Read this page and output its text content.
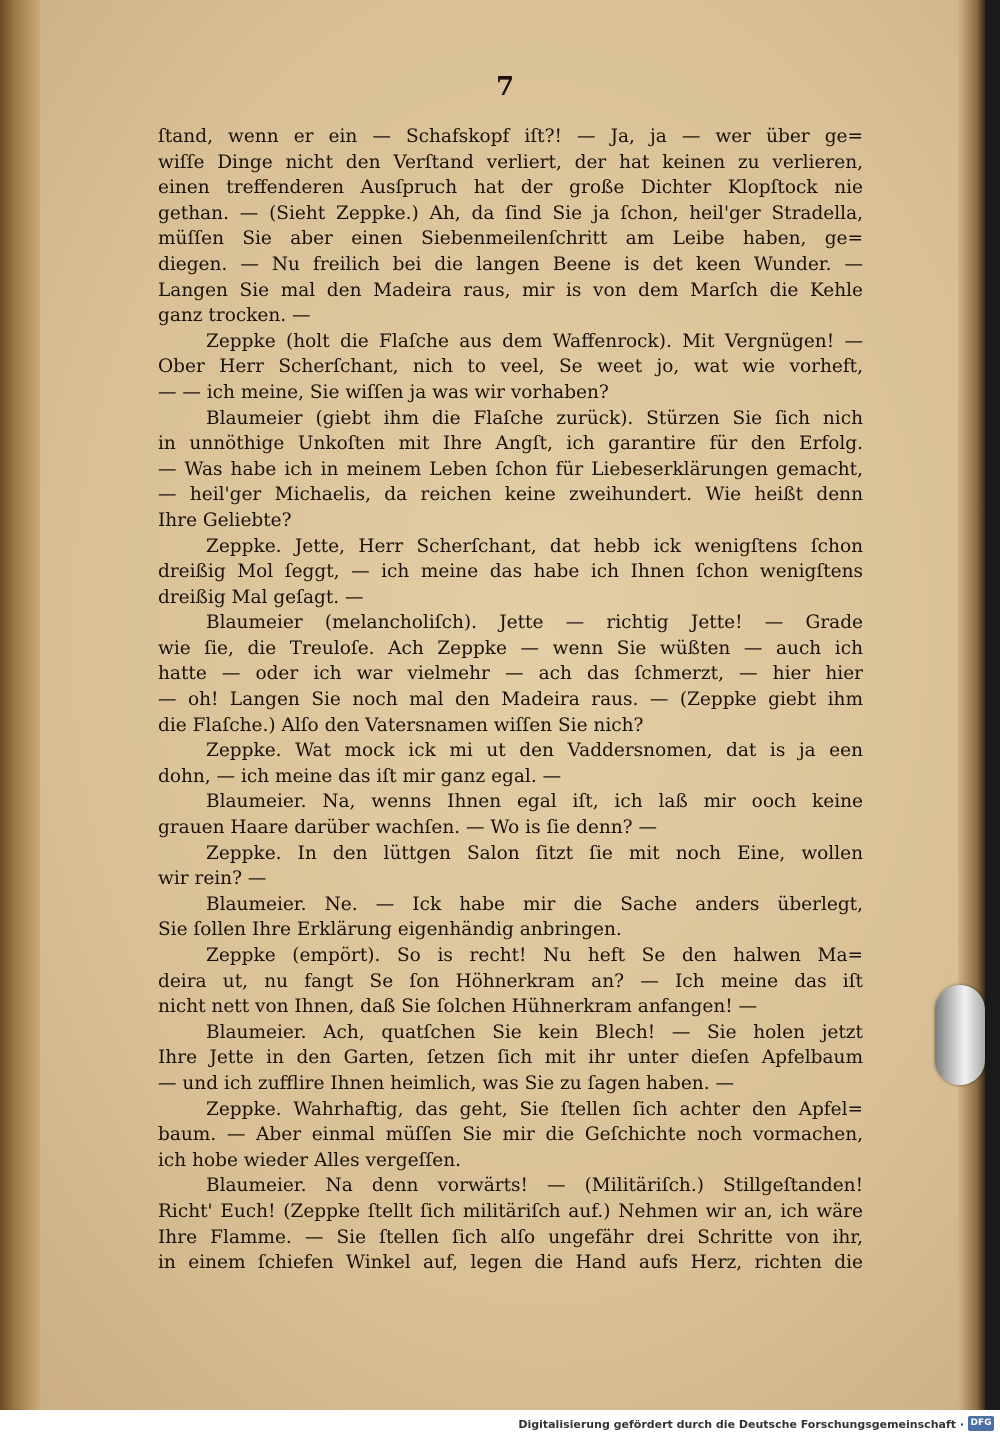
7
ſtand, wenn er ein — Schafskopf iſt?! — Ja, ja — wer über ge=
wiſſe Dinge nicht den Verſtand verliert, der hat keinen zu verlieren,
einen treffenderen Ausſpruch hat der große Dichter Klopſtock nie
gethan. — (Sieht Zeppke.) Ah, da ſind Sie ja ſchon, heil'ger Stradella,
müſſen Sie aber einen Siebenmeilenſchritt am Leibe haben, ge=
diegen. — Nu freilich bei die langen Beene is det keen Wunder. —
Langen Sie mal den Madeira raus, mir is von dem Marſch die Kehle
ganz trocken. —
Zeppke (holt die Flaſche aus dem Waffenrock). Mit Vergnügen! —
Ober Herr Scherſchant, nich to veel, Se weet jo, wat wie vorheft,
— — ich meine, Sie wiſſen ja was wir vorhaben?
Blaumeier (giebt ihm die Flaſche zurück). Stürzen Sie ſich nich
in unnöthige Unkoſten mit Ihre Angſt, ich garantire für den Erfolg.
— Was habe ich in meinem Leben ſchon für Liebeserklärungen gemacht,
— heil'ger Michaelis, da reichen keine zweihundert. Wie heißt denn
Ihre Geliebte?
Zeppke. Jette, Herr Scherſchant, dat hebb ick wenigſtens ſchon
dreißig Mol ſeggt, — ich meine das habe ich Ihnen ſchon wenigſtens
dreißig Mal geſagt. —
Blaumeier (melancholiſch). Jette — richtig Jette! — Grade
wie ſie, die Treuloſe. Ach Zeppke — wenn Sie wüßten — auch ich
hatte — oder ich war vielmehr — ach das ſchmerzt, — hier hier
— oh! Langen Sie noch mal den Madeira raus. — (Zeppke giebt ihm
die Flaſche.) Alſo den Vatersnamen wiſſen Sie nich?
Zeppke. Wat mock ick mi ut den Vaddersnomen, dat is ja een
dohn, — ich meine das iſt mir ganz egal. —
Blaumeier. Na, wenns Ihnen egal iſt, ich laß mir ooch keine
grauen Haare darüber wachſen. — Wo is ſie denn? —
Zeppke. In den lüttgen Salon ſitzt ſie mit noch Eine, wollen
wir rein? —
Blaumeier. Ne. — Ick habe mir die Sache anders überlegt,
Sie ſollen Ihre Erklärung eigenhändig anbringen.
Zeppke (empört). So is recht! Nu heft Se den halwen Ma=
deira ut, nu fangt Se ſon Höhnerkram an? — Ich meine das iſt
nicht nett von Ihnen, daß Sie ſolchen Hühnerkram anfangen! —
Blaumeier. Ach, quatſchen Sie kein Blech! — Sie holen jetzt
Ihre Jette in den Garten, ſetzen ſich mit ihr unter dieſen Apfelbaum
— und ich zufflire Ihnen heimlich, was Sie zu ſagen haben. —
Zeppke. Wahrhaftig, das geht, Sie ſtellen ſich achter den Apfel=
baum. — Aber einmal müſſen Sie mir die Geſchichte noch vormachen,
ich hobe wieder Alles vergeſſen.
Blaumeier. Na denn vorwärts! — (Militäriſch.) Stillgeſtanden!
Richt' Euch! (Zeppke ſtellt ſich militäriſch auf.) Nehmen wir an, ich wäre
Ihre Flamme. — Sie ſtellen ſich alſo ungefähr drei Schritte von ihr,
in einem ſchiefen Winkel auf, legen die Hand aufs Herz, richten die
Digitalisierung gefördert durch die Deutsche Forschungsgemeinschaft · DFG
